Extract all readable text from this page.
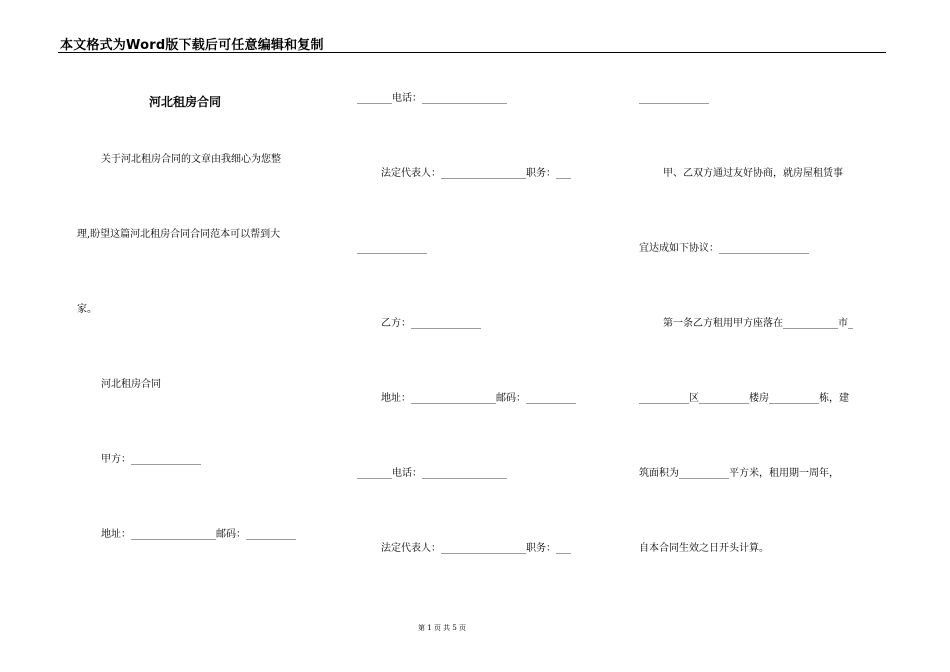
本文格式为Word版下载后可任意编辑和复制
河北租房合同
关于河北租房合同的文章由我细心为您整
理,盼望这篇河北租房合同合同范本可以帮到大
家。
河北租房合同
甲方：______________
地址：_________________邮码：__________
_______电话：_________________
法定代表人：_________________职务：___
______________
乙方：______________
地址：_________________邮码：__________
_______电话：_________________
法定代表人：_________________职务：___
______________
甲、乙双方通过友好协商，就房屋租赁事
宜达成如下协议：__________________
第一条乙方租用甲方座落在___________市_
__________区__________楼房__________栋，建
筑面积为__________平方米，租用期一周年，
自本合同生效之日开头计算。
第 1 页 共 5 页
